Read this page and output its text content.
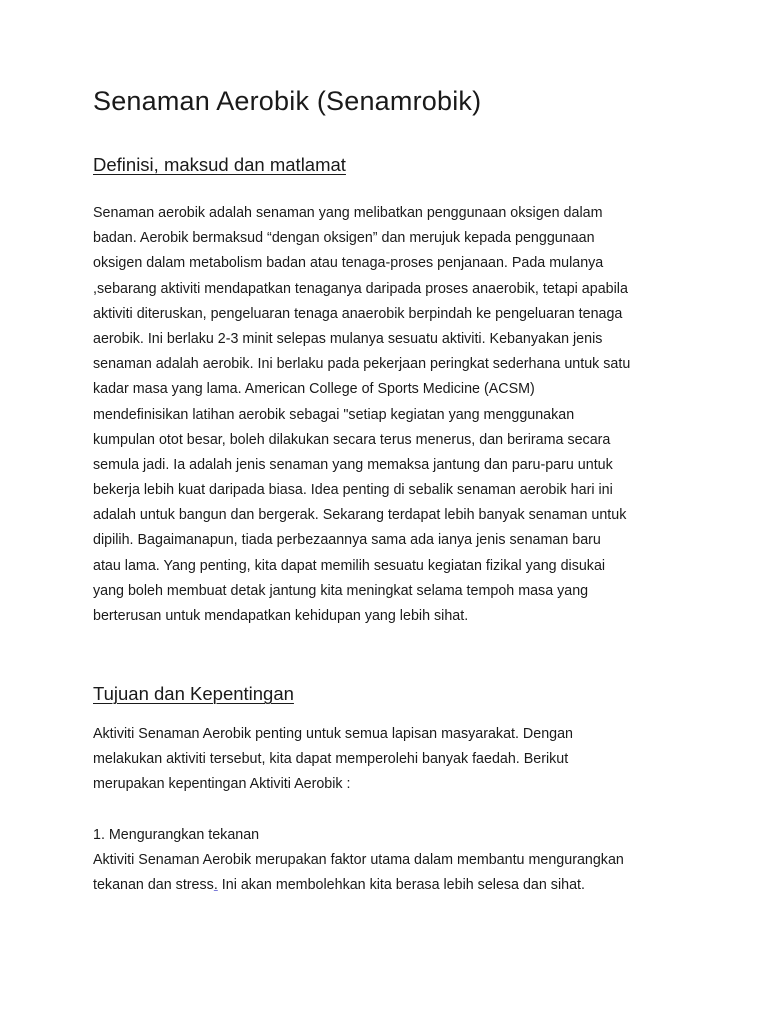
Senaman Aerobik (Senamrobik)
Definisi, maksud dan matlamat
Senaman aerobik adalah senaman yang melibatkan penggunaan oksigen dalam
badan. Aerobik bermaksud “dengan oksigen” dan merujuk kepada penggunaan
oksigen dalam metabolism badan atau tenaga-proses penjanaan. Pada mulanya
,sebarang aktiviti mendapatkan tenaganya daripada proses anaerobik, tetapi apabila
aktiviti diteruskan, pengeluaran tenaga anaerobik berpindah ke pengeluaran tenaga
aerobik. Ini berlaku 2-3 minit selepas mulanya sesuatu aktiviti. Kebanyakan jenis
senaman adalah aerobik. Ini berlaku pada pekerjaan peringkat sederhana untuk satu
kadar masa yang lama. American College of Sports Medicine (ACSM)
mendefinisikan latihan aerobik sebagai "setiap kegiatan yang menggunakan
kumpulan otot besar, boleh dilakukan secara terus menerus, dan berirama secara
semula jadi. Ia adalah jenis senaman yang memaksa jantung dan paru-paru untuk
bekerja lebih kuat daripada biasa. Idea penting di sebalik senaman aerobik hari ini
adalah untuk bangun dan bergerak. Sekarang terdapat lebih banyak senaman untuk
dipilih. Bagaimanapun, tiada perbezaannya sama ada ianya jenis senaman baru
atau lama. Yang penting, kita dapat memilih sesuatu kegiatan fizikal yang disukai
yang boleh membuat detak jantung kita meningkat selama tempoh masa yang
berterusan untuk mendapatkan kehidupan yang lebih sihat.
Tujuan dan Kepentingan
Aktiviti Senaman Aerobik penting untuk semua lapisan masyarakat. Dengan
melakukan aktiviti tersebut, kita dapat memperolehi banyak faedah. Berikut
merupakan kepentingan Aktiviti Aerobik :
1. Mengurangkan tekanan
Aktiviti Senaman Aerobik merupakan faktor utama dalam membantu mengurangkan
tekanan dan stress. Ini akan membolehkan kita berasa lebih selesa dan sihat.
